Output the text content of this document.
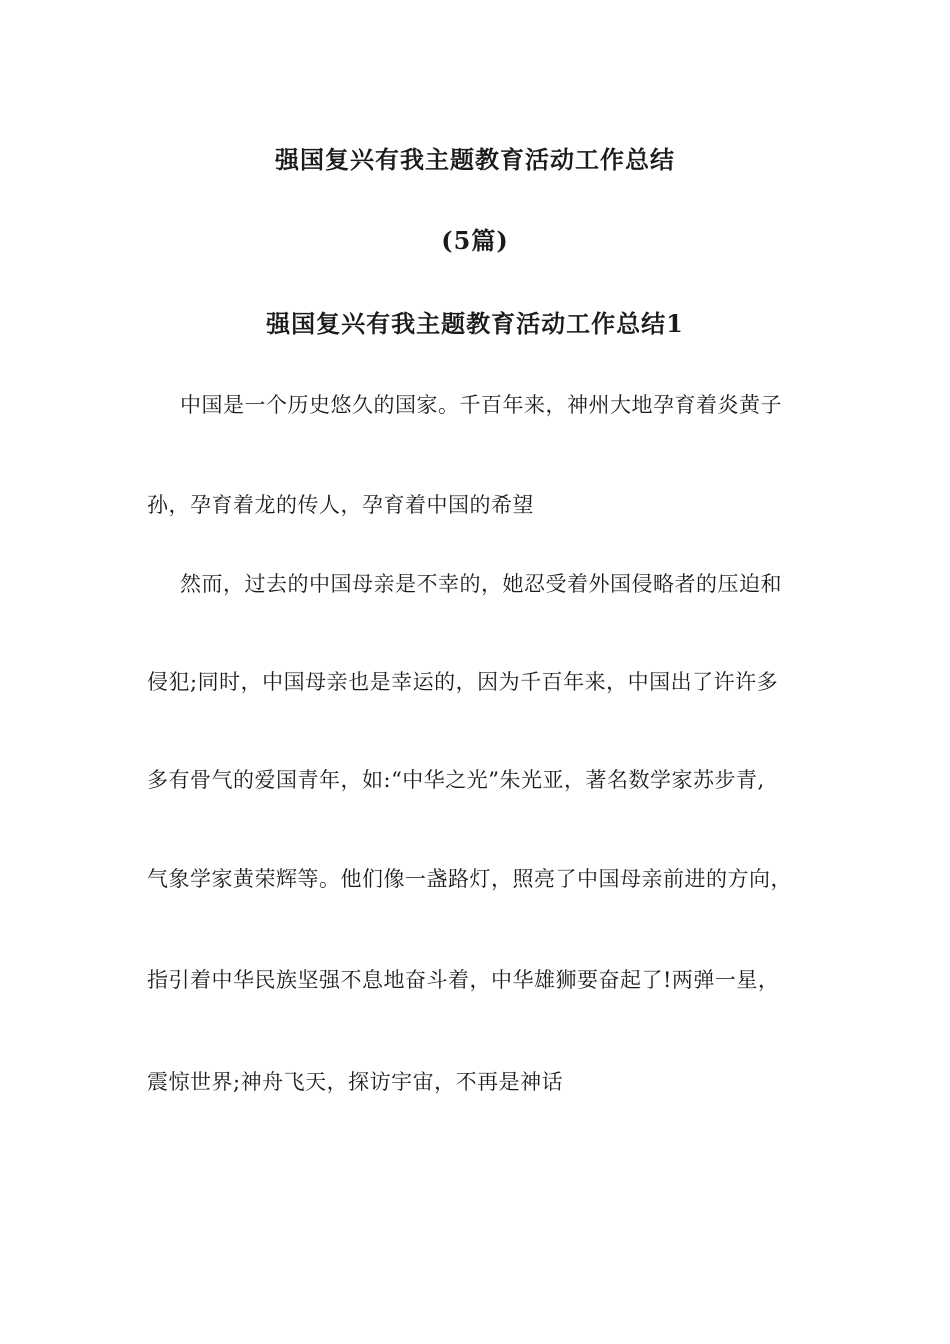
强国复兴有我主题教育活动工作总结
(5篇)
强国复兴有我主题教育活动工作总结1
中国是一个历史悠久的国家。千百年来，神州大地孕育着炎黄子
孙，孕育着龙的传人，孕育着中国的希望
然而，过去的中国母亲是不幸的，她忍受着外国侵略者的压迫和
侵犯;同时，中国母亲也是幸运的，因为千百年来，中国出了许许多
多有骨气的爱国青年，如:“中华之光”朱光亚，著名数学家苏步青,
气象学家黄荣辉等。他们像一盏路灯，照亮了中国母亲前进的方向，
指引着中华民族坚强不息地奋斗着，中华雄狮要奋起了!两弹一星，
震惊世界;神舟飞天，探访宇宙，不再是神话
